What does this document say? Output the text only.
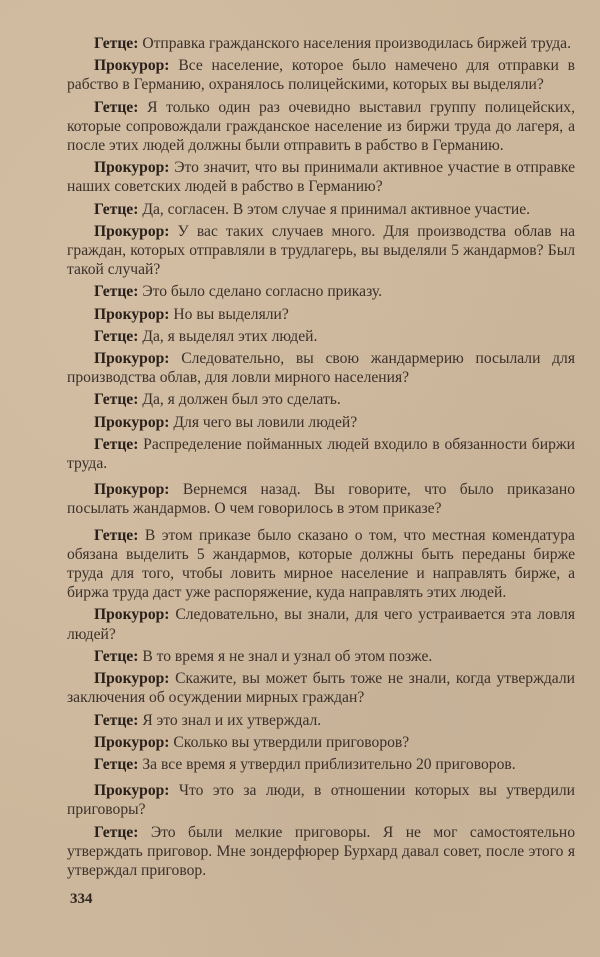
Гетце: Отправка гражданского населения производилась биржей труда.

Прокурор: Все население, которое было намечено для отправки в рабство в Германию, охранялось полицейскими, которых вы выделяли?

Гетце: Я только один раз очевидно выставил группу полицейских, которые сопровождали гражданское население из биржи труда до лагеря, а после этих людей должны были отправить в рабство в Германию.

Прокурор: Это значит, что вы принимали активное участие в отправке наших советских людей в рабство в Германию?

Гетце: Да, согласен. В этом случае я принимал активное участие.

Прокурор: У вас таких случаев много. Для производства облав на граждан, которых отправляли в трудлагерь, вы выделяли 5 жандармов? Был такой случай?

Гетце: Это было сделано согласно приказу.

Прокурор: Но вы выделяли?

Гетце: Да, я выделял этих людей.

Прокурор: Следовательно, вы свою жандармерию посылали для производства облав, для ловли мирного населения?

Гетце: Да, я должен был это сделать.

Прокурор: Для чего вы ловили людей?

Гетце: Распределение пойманных людей входило в обязанности биржи труда.

Прокурор: Вернемся назад. Вы говорите, что было приказано посылать жандармов. О чем говорилось в этом приказе?

Гетце: В этом приказе было сказано о том, что местная комендатура обязана выделить 5 жандармов, которые должны быть переданы бирже труда для того, чтобы ловить мирное население и направлять бирже, а биржа труда даст уже распоряжение, куда направлять этих людей.

Прокурор: Следовательно, вы знали, для чего устраивается эта ловля людей?

Гетце: В то время я не знал и узнал об этом позже.

Прокурор: Скажите, вы может быть тоже не знали, когда утверждали заключения об осуждении мирных граждан?

Гетце: Я это знал и их утверждал.

Прокурор: Сколько вы утвердили приговоров?

Гетце: За все время я утвердил приблизительно 20 приговоров.

Прокурор: Что это за люди, в отношении которых вы утвердили приговоры?

Гетце: Это были мелкие приговоры. Я не мог самостоятельно утверждать приговор. Мне зондерфюрер Бурхард давал совет, после этого я утверждал приговор.

334
